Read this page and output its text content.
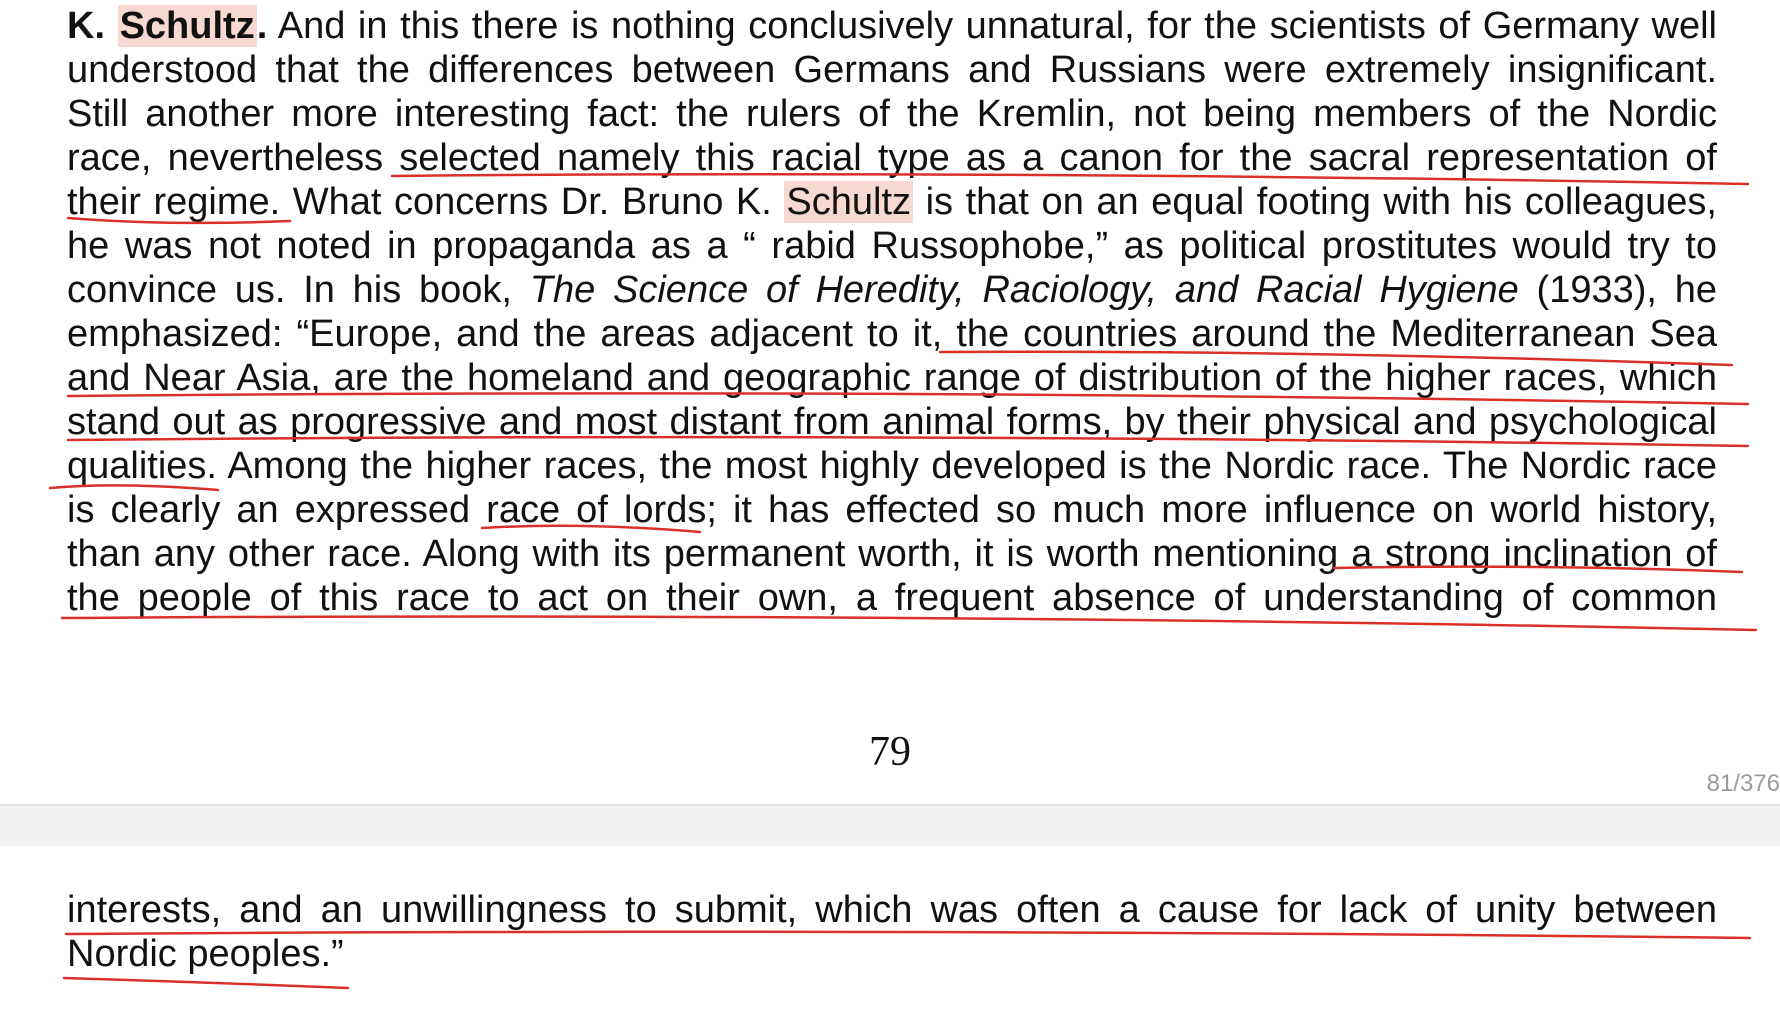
K. Schultz. And in this there is nothing conclusively unnatural, for the scientists of Germany well
understood that the differences between Germans and Russians were extremely insignificant.
Still another more interesting fact: the rulers of the Kremlin, not being members of the Nordic
race, nevertheless selected namely this racial type as a canon for the sacral representation of
their regime. What concerns Dr. Bruno K. Schultz is that on an equal footing with his colleagues,
he was not noted in propaganda as a “ rabid Russophobe,” as political prostitutes would try to
convince us. In his book, The Science of Heredity, Raciology, and Racial Hygiene (1933), he
emphasized: “Europe, and the areas adjacent to it, the countries around the Mediterranean Sea
and Near Asia, are the homeland and geographic range of distribution of the higher races, which
stand out as progressive and most distant from animal forms, by their physical and psychological
qualities. Among the higher races, the most highly developed is the Nordic race. The Nordic race
is clearly an expressed race of lords; it has effected so much more influence on world history,
than any other race. Along with its permanent worth, it is worth mentioning a strong inclination of
the people of this race to act on their own, a frequent absence of understanding of common
79
81/376
interests, and an unwillingness to submit, which was often a cause for lack of unity between
Nordic peoples.”
